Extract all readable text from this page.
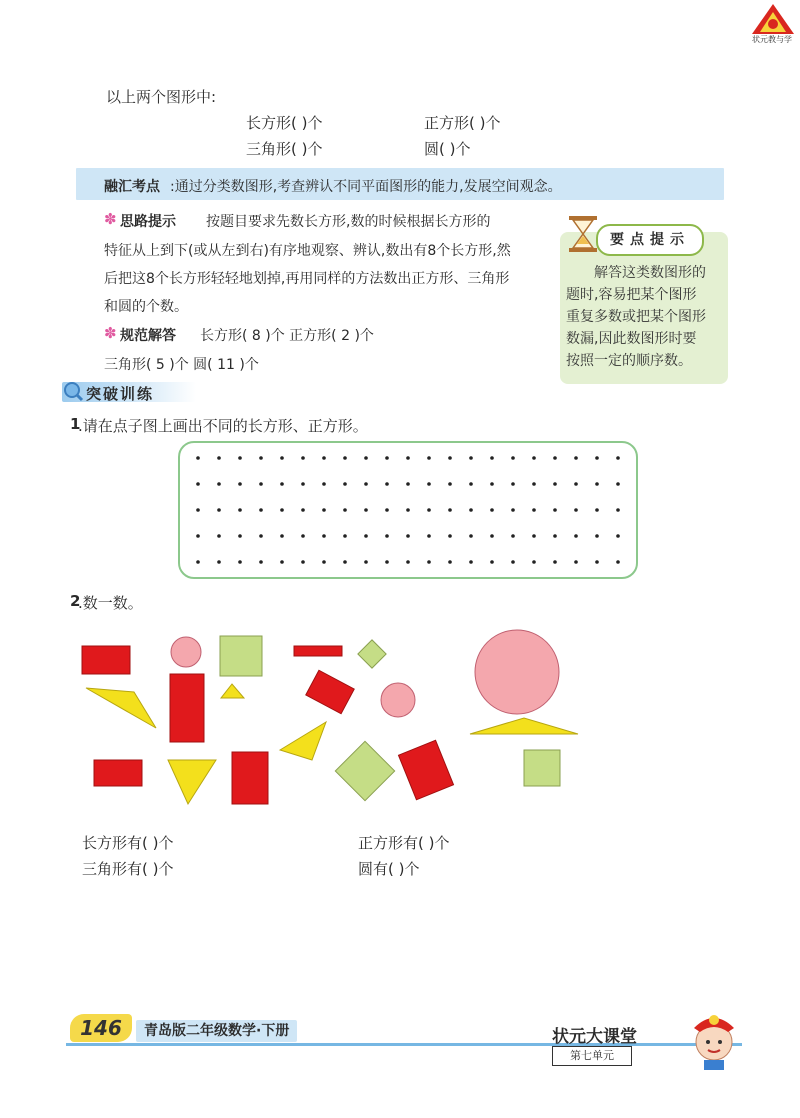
状元教与学
以上两个图形中:
长方形( )个	正方形( )个
三角形( )个	圆( )个
融汇考点 :通过分类数图形,考查辨认不同平面图形的能力,发展空间观念。
✽ 思路提示 按题目要求先数长方形,数的时候根据长方形的
特征从上到下(或从左到右)有序地观察、辨认,数出有8个长方形,然
后把这8个长方形轻轻地划掉,再用同样的方法数出正方形、三角形
和圆的个数。
✽ 规范解答 长方形( 8 )个 正方形( 2 )个
三角形( 5 )个 圆( 11 )个
要点提示
解答这类数图形的
题时,容易把某个图形
重复多数或把某个图形
数漏,因此数图形时要
按照一定的顺序数。
突破训练
1
.请在点子图上画出不同的长方形、正方形。
2
.数一数。
长方形有( )个	正方形有( )个
三角形有( )个	圆有( )个
146	青岛版二年级数学·下册	状元大课堂
第七单元
